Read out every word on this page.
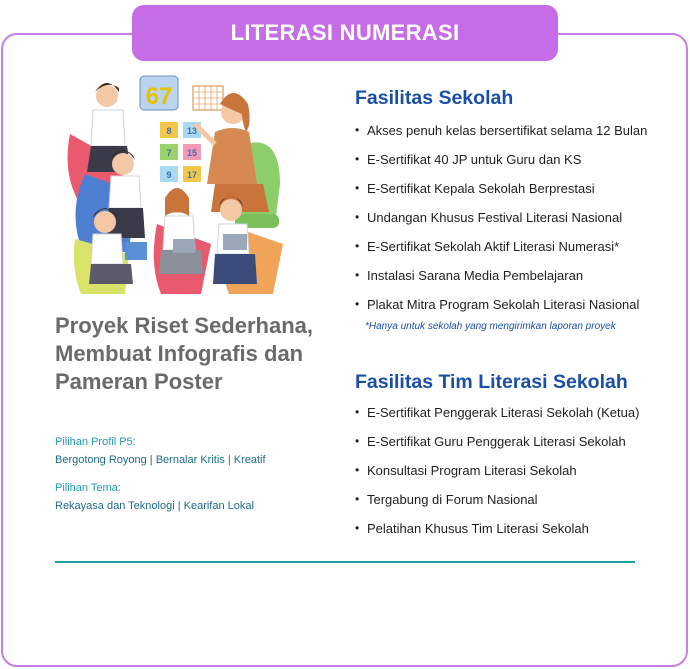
LITERASI NUMERASI
67
8 13
7 15
9 17
Proyek Riset Sederhana,
Membuat Infografis dan
Pameran Poster
Pilihan Profil P5:
Bergotong Royong | Bernalar Kritis | Kreatif
Pilihan Tema:
Rekayasa dan Teknologi | Kearifan Lokal
Fasilitas Sekolah
• Akses penuh kelas bersertifikat selama 12 Bulan
• E-Sertifikat 40 JP untuk Guru dan KS
• E-Sertifikat Kepala Sekolah Berprestasi
• Undangan Khusus Festival Literasi Nasional
• E-Sertifikat Sekolah Aktif Literasi Numerasi*
• Instalasi Sarana Media Pembelajaran
• Plakat Mitra Program Sekolah Literasi Nasional
*Hanya untuk sekolah yang mengirimkan laporan proyek
Fasilitas Tim Literasi Sekolah
• E-Sertifikat Penggerak Literasi Sekolah (Ketua)
• E-Sertifikat Guru Penggerak Literasi Sekolah
• Konsultasi Program Literasi Sekolah
• Tergabung di Forum Nasional
• Pelatihan Khusus Tim Literasi Sekolah
